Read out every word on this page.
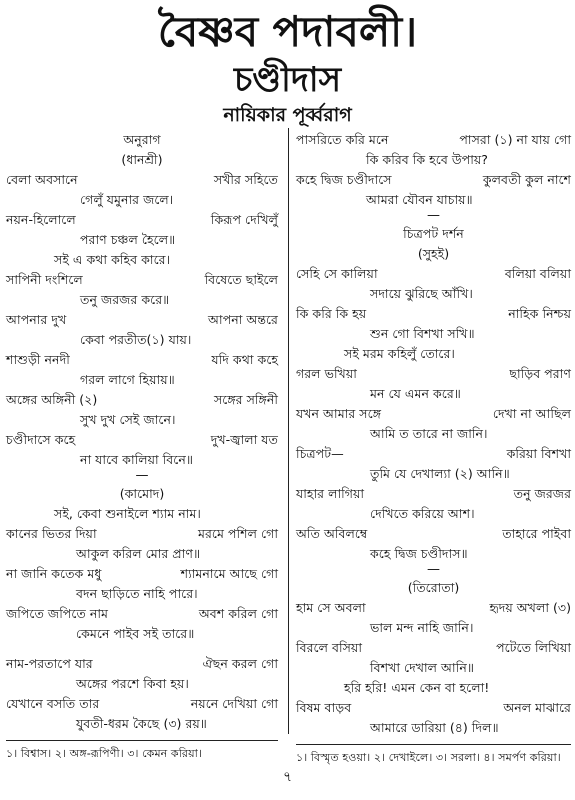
বৈষ্ণব পদাবলী।
চণ্ডীদাস
নায়িকার পূর্ব্বরাগ
অনুরাগ
(ধানশ্রী)
বেলা অবসানে	সখীর সহিতে
গেলুঁ যমুনার জলে।
নয়ন-হিলোলে	কিরূপ দেখিলুঁ
পরাণ চঞ্চল হৈলে॥
সই এ কথা কহিব কারে।
সাপিনী দংশিলে	বিষেতে ছাইলে
তনু জরজর করে॥
আপনার দুখ	আপনা অন্তরে
কেবা পরতীত(১) যায়।
শাশুড়ী ননদী	যদি কথা কহে
গরল লাগে হিয়ায়॥
অঙ্গের অঙ্গিনী (২)	সঙ্গের সঙ্গিনী
সুখ দুখ সেই জানে।
চণ্ডীদাসে কহে	দুখ-জ্বালা যত
না যাবে কালিয়া বিনে॥
—
(কামোদ)
সই, কেবা শুনাইলে শ্যাম নাম।
কানের ভিতর দিয়া	মরমে পশিল গো
আকুল করিল মোর প্রাণ॥
না জানি কতেক মধু	শ্যামনামে আছে গো
বদন ছাড়িতে নাহি পারে।
জপিতে জপিতে নাম	অবশ করিল গো
কেমনে পাইব সই তারে॥
নাম-পরতাপে যার	ঐছন করল গো
অঙ্গের পরশে কিবা হয়।
যেখানে বসতি তার	নয়নে দেখিয়া গো
যুবতী-ধরম কৈছে (৩) রয়॥
১। বিশ্বাস। ২। অঙ্গ-রূপিণী। ৩। কেমন করিয়া।
পাসরিতে করি মনে	পাসরা (১) না যায় গো
কি করিব কি হবে উপায়?
কহে দ্বিজ চণ্ডীদাসে	কুলবতী কুল নাশে
আমরা যৌবন যাচায়॥
—
চিত্রপট দর্শন
(সুহই)
সেহি সে কালিয়া	বলিয়া বলিয়া
সদায়ে ঝুরিছে আঁখি।
কি করি কি হয়	নাহিক নিশ্চয়
শুন গো বিশখা সখি॥
সই মরম কহিলুঁ তোরে।
গরল ভখিয়া	ছাড়িব পরাণ
মন যে এমন করে॥
যখন আমার সঙ্গে	দেখা না আছিল
আমি ত তারে না জানি।
চিত্রপট—	করিয়া বিশখা
তুমি যে দেখাল্যা (২) আনি॥
যাহার লাগিয়া	তনু জরজর
দেখিতে করিয়ে আশ।
অতি অবিলম্বে	তাহারে পাইবা
কহে দ্বিজ চণ্ডীদাস॥
—
(তিরোতা)
হাম সে অবলা	হৃদয় অখলা (৩)
ভাল মন্দ নাহি জানি।
বিরলে বসিয়া	পটেতে লিখিয়া
বিশখা দেখাল আনি॥
হরি হরি! এমন কেন বা হলো!
বিষম বাড়ব	অনল মাঝারে
আমারে ডারিয়া (৪) দিল॥
১। বিস্মৃত হওয়া। ২। দেখাইলে। ৩। সরলা। ৪। সমর্পণ করিয়া।
৭
